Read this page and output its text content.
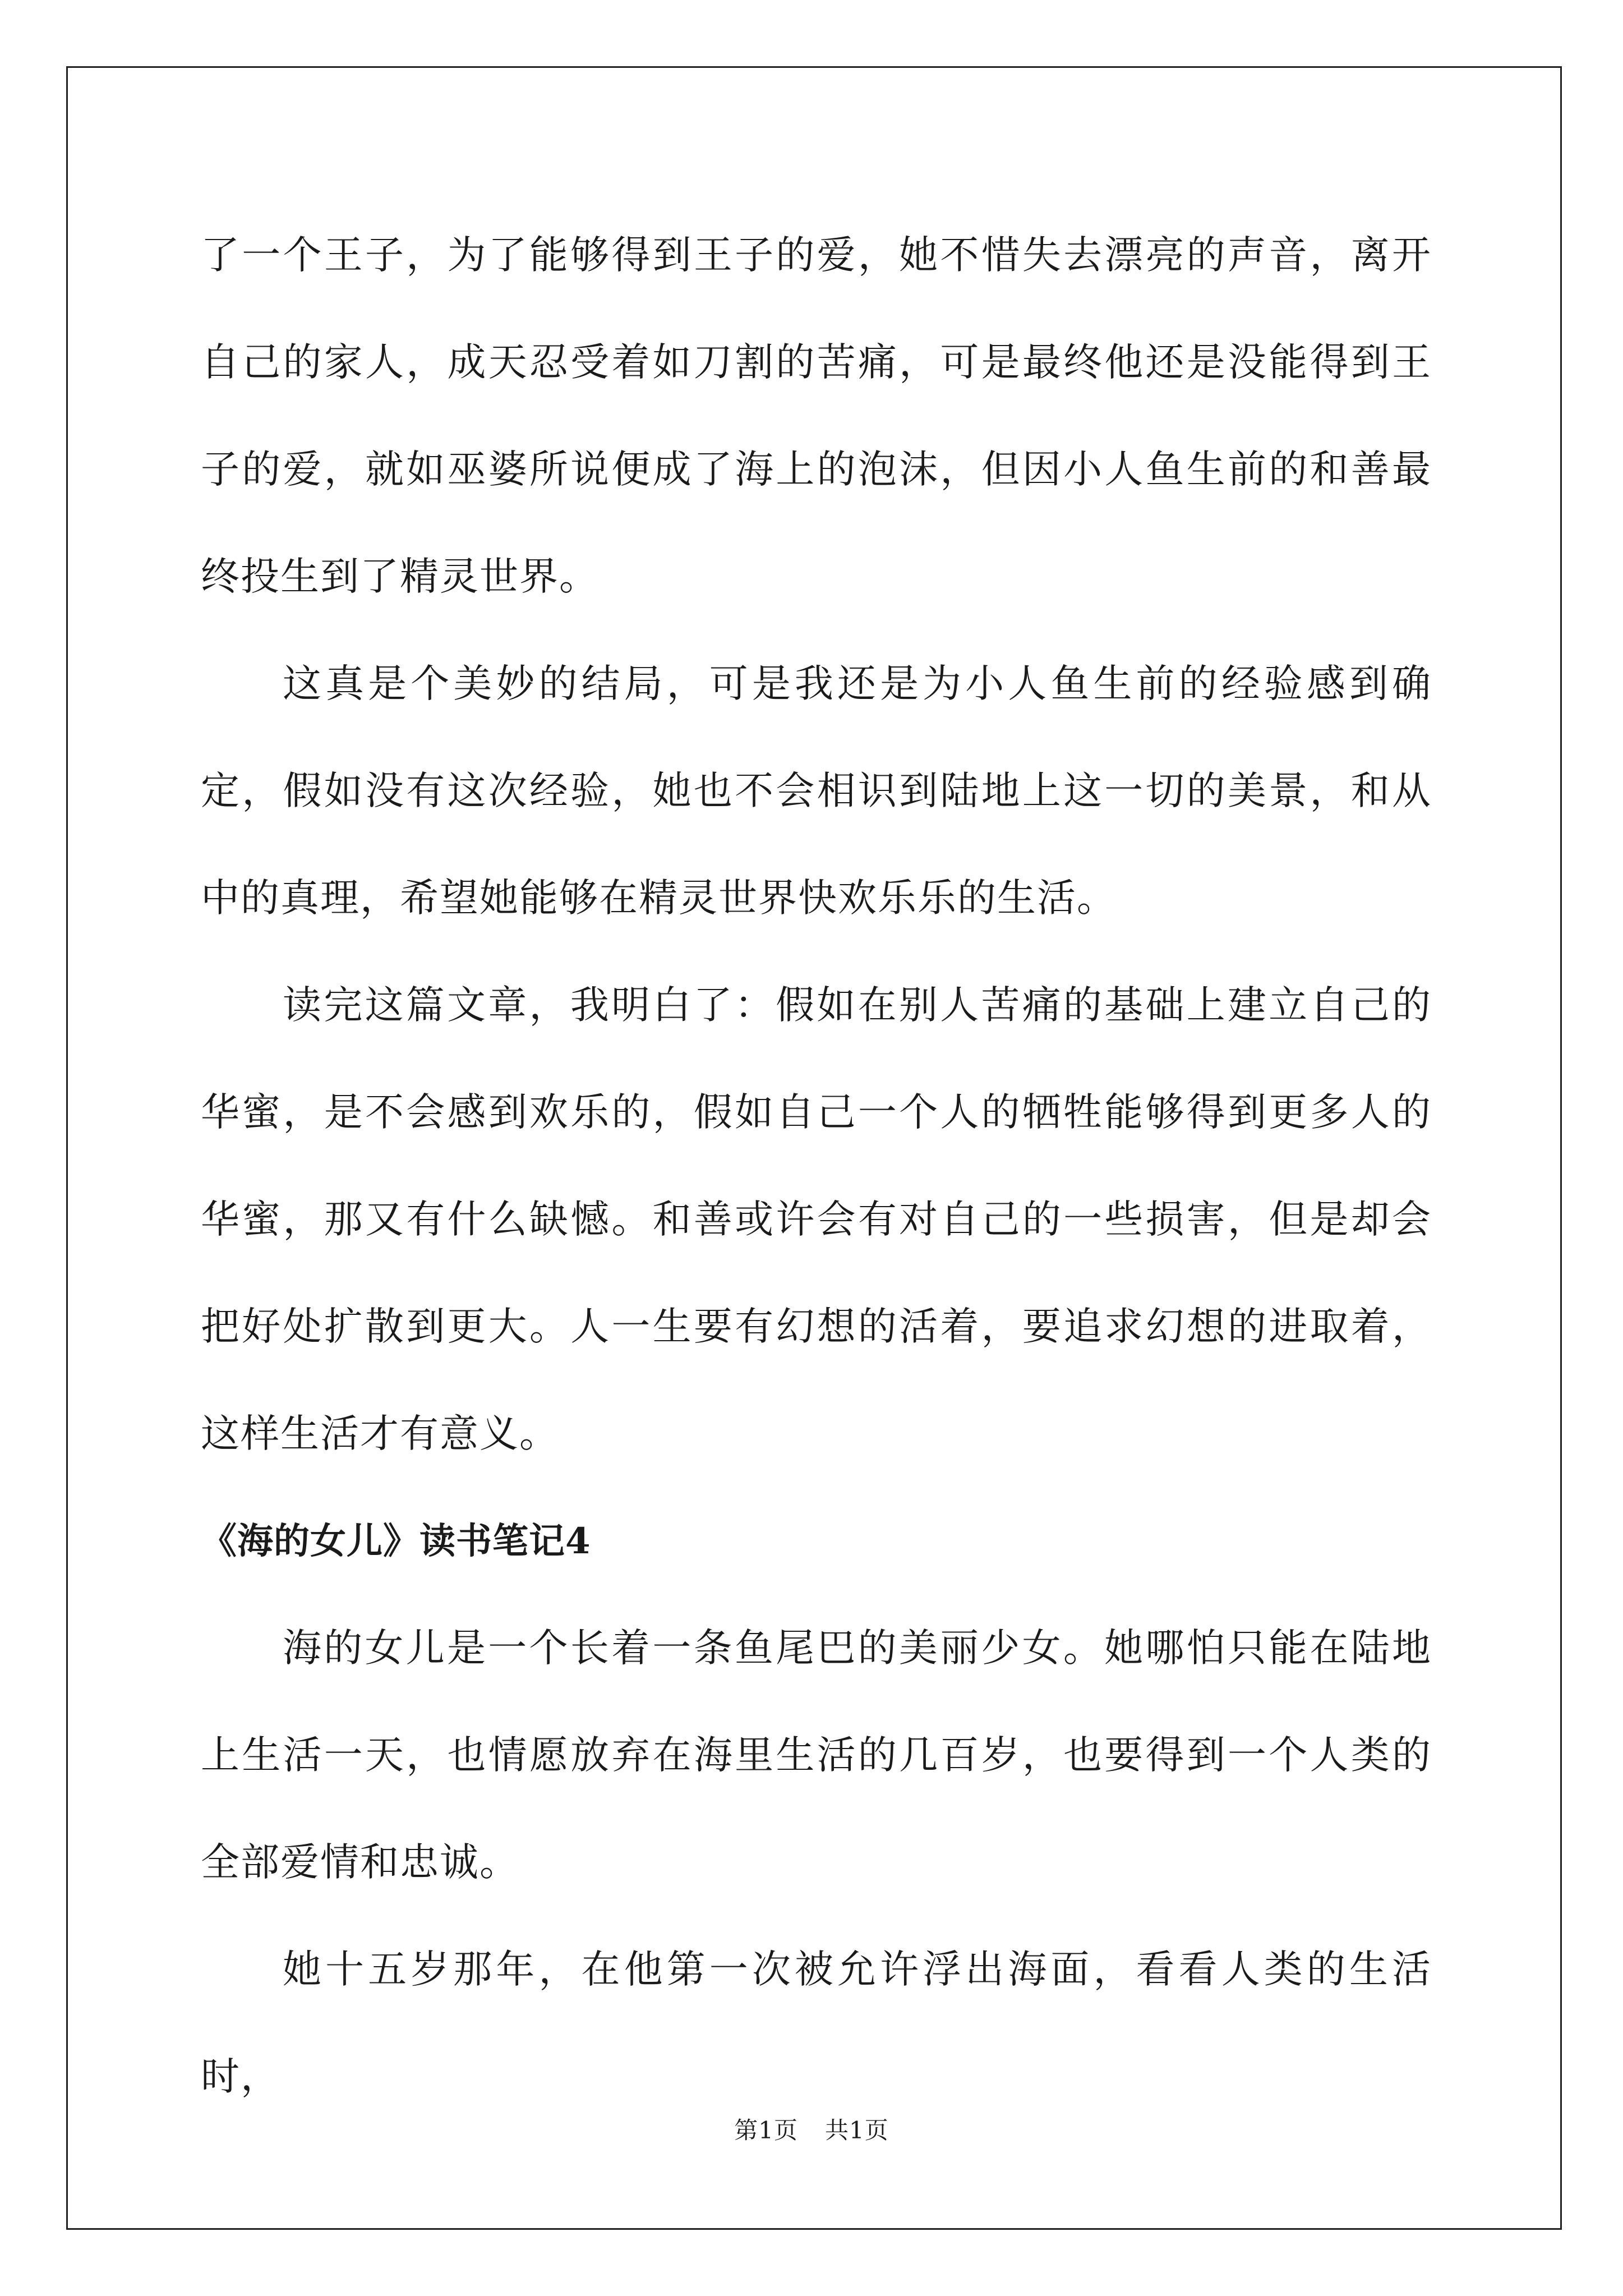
了一个王子，为了能够得到王子的爱，她不惜失去漂亮的声音，离开自己的家人，成天忍受着如刀割的苦痛，可是最终他还是没能得到王子的爱，就如巫婆所说便成了海上的泡沫，但因小人鱼生前的和善最终投生到了精灵世界。

这真是个美妙的结局，可是我还是为小人鱼生前的经验感到确定，假如没有这次经验，她也不会相识到陆地上这一切的美景，和从中的真理，希望她能够在精灵世界快欢乐乐的生活。

读完这篇文章，我明白了：假如在别人苦痛的基础上建立自己的华蜜，是不会感到欢乐的，假如自己一个人的牺牲能够得到更多人的华蜜，那又有什么缺憾。和善或许会有对自己的一些损害，但是却会把好处扩散到更大。人一生要有幻想的活着，要追求幻想的进取着，这样生活才有意义。

《海的女儿》读书笔记4

海的女儿是一个长着一条鱼尾巴的美丽少女。她哪怕只能在陆地上生活一天，也情愿放弃在海里生活的几百岁，也要得到一个人类的全部爱情和忠诚。

她十五岁那年，在他第一次被允许浮出海面，看看人类的生活时，

第1页 共1页
